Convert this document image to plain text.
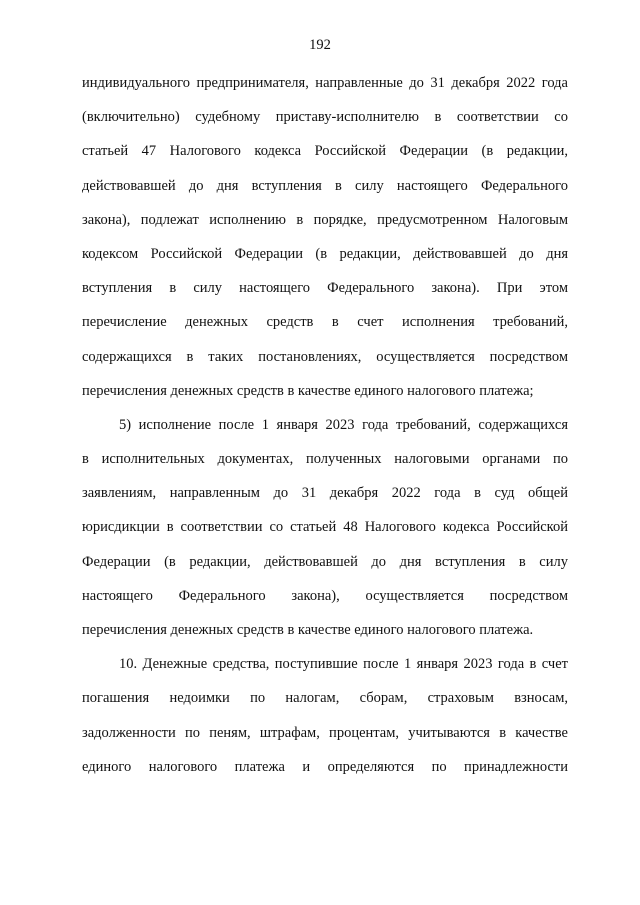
192
индивидуального предпринимателя, направленные до 31 декабря 2022 года
(включительно) судебному приставу-исполнителю в соответствии со
статьей 47 Налогового кодекса Российской Федерации (в редакции,
действовавшей до дня вступления в силу настоящего Федерального
закона), подлежат исполнению в порядке, предусмотренном Налоговым
кодексом Российской Федерации (в редакции, действовавшей до дня
вступления в силу настоящего Федерального закона). При этом
перечисление денежных средств в счет исполнения требований,
содержащихся в таких постановлениях, осуществляется посредством
перечисления денежных средств в качестве единого налогового платежа;
5) исполнение после 1 января 2023 года требований, содержащихся
в исполнительных документах, полученных налоговыми органами по
заявлениям, направленным до 31 декабря 2022 года в суд общей
юрисдикции в соответствии со статьей 48 Налогового кодекса Российской
Федерации (в редакции, действовавшей до дня вступления в силу
настоящего Федерального закона), осуществляется посредством
перечисления денежных средств в качестве единого налогового платежа.
10. Денежные средства, поступившие после 1 января 2023 года в счет
погашения недоимки по налогам, сборам, страховым взносам,
задолженности по пеням, штрафам, процентам, учитываются в качестве
единого налогового платежа и определяются по принадлежности
